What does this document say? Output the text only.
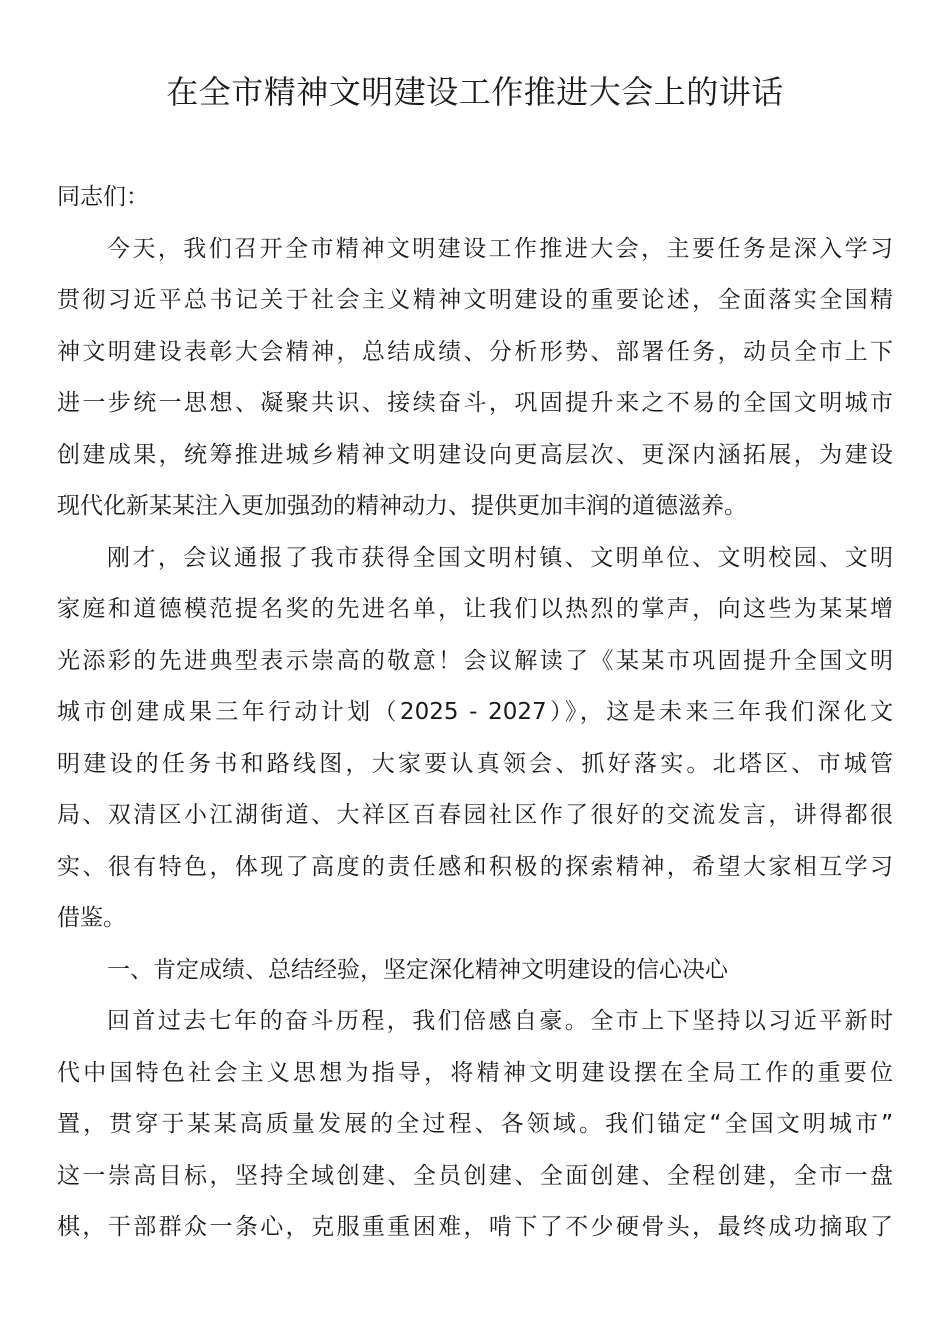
在全市精神文明建设工作推进大会上的讲话
同志们：
今天，我们召开全市精神文明建设工作推进大会，主要任务是深入学习
贯彻习近平总书记关于社会主义精神文明建设的重要论述，全面落实全国精
神文明建设表彰大会精神，总结成绩、分析形势、部署任务，动员全市上下
进一步统一思想、凝聚共识、接续奋斗，巩固提升来之不易的全国文明城市
创建成果，统筹推进城乡精神文明建设向更高层次、更深内涵拓展，为建设
现代化新某某注入更加强劲的精神动力、提供更加丰润的道德滋养。
刚才，会议通报了我市获得全国文明村镇、文明单位、文明校园、文明
家庭和道德模范提名奖的先进名单，让我们以热烈的掌声，向这些为某某增
光添彩的先进典型表示崇高的敬意！会议解读了《某某市巩固提升全国文明
城市创建成果三年行动计划（2025 - 2027）》，这是未来三年我们深化文
明建设的任务书和路线图，大家要认真领会、抓好落实。北塔区、市城管
局、双清区小江湖街道、大祥区百春园社区作了很好的交流发言，讲得都很
实、很有特色，体现了高度的责任感和积极的探索精神，希望大家相互学习
借鉴。
一、肯定成绩、总结经验，坚定深化精神文明建设的信心决心
回首过去七年的奋斗历程，我们倍感自豪。全市上下坚持以习近平新时
代中国特色社会主义思想为指导，将精神文明建设摆在全局工作的重要位
置，贯穿于某某高质量发展的全过程、各领域。我们锚定“全国文明城市”
这一崇高目标，坚持全域创建、全员创建、全面创建、全程创建，全市一盘
棋，干部群众一条心，克服重重困难，啃下了不少硬骨头，最终成功摘取了
